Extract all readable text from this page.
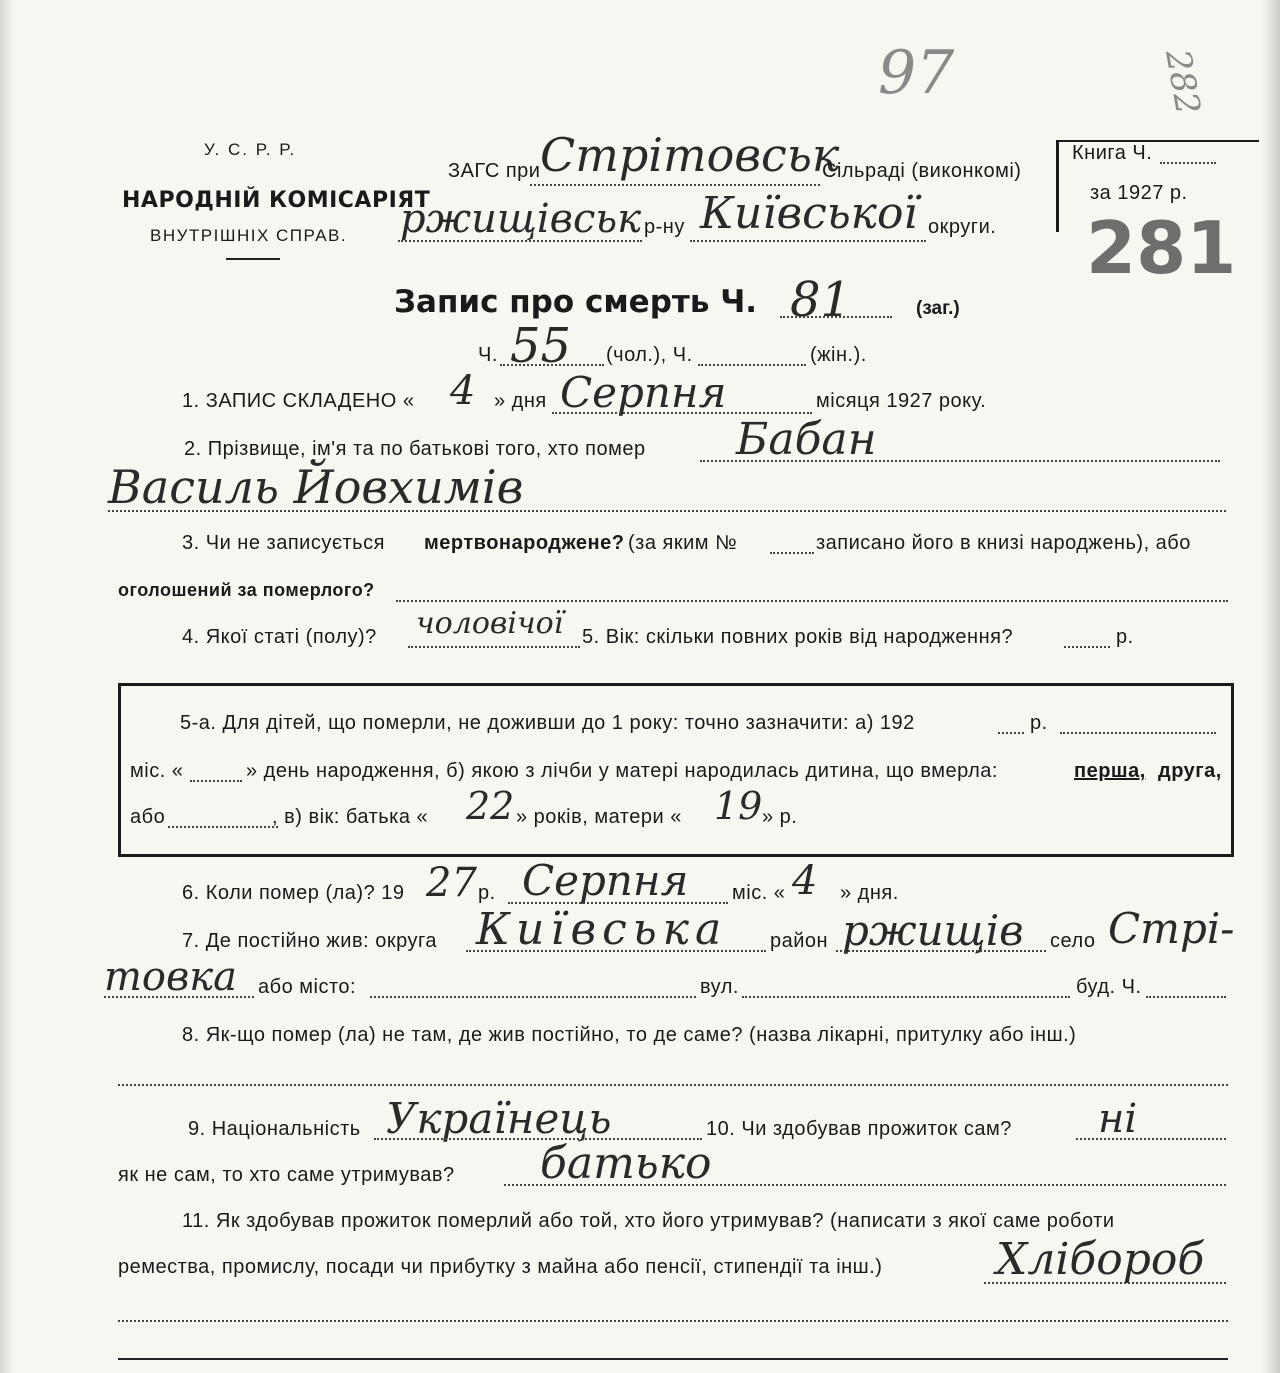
97	282
У. С. Р. Р.
НАРОДНІЙ КОМІСАРІЯТ
ВНУТРІШНІХ СПРАВ.
ЗАГС при Стрітовськ
Сільраді (виконкомі)
ржищівськ р-ну Київської округи.
Книга Ч.
за 1927 р.
281
Запис про смерть Ч. 81	(заг.)
Ч. 55 (чол.), Ч.	(жін.).
1. ЗАПИС СКЛАДЕНО « 4 » дня Серпня	місяця 1927 року.
2. Прізвище, ім'я та по батькові того, хто помер Бабан
Василь Йовхимів
3. Чи не записується мертвонароджене? (за яким №	записано його в книзі народжень), або
оголошений за померлого?
4. Якої статі (полу)? чоловічої 5. Вік: скільки повних років від народження?	р.
5-а. Для дітей, що померли, не доживши до 1 року: точно зазначити: а) 192	р.
міс. «	» день народження, б) якою з лічби у матері народилась дитина, що вмерла:	перша, друга,
або	, в) вік: батька « 22 » років, матери « 19 » р.
6. Коли помер (ла)? 19 27 р. Серпня міс. « 4 » дня.
7. Де постійно жив: округа Київська район ржищів село Стрі-
товка або місто:	вул.	буд. Ч.
8. Як-що помер (ла) не там, де жив постійно, то де саме? (назва лікарні, притулку або інш.)
9. Національність Українець	10. Чи здобував прожиток сам? ні
як не сам, то хто саме утримував? батько
11. Як здобував прожиток померлий або той, хто його утримував? (написати з якої саме роботи
ремества, промислу, посади чи прибутку з майна або пенсії, стипендії та інш.)	Хлібороб
